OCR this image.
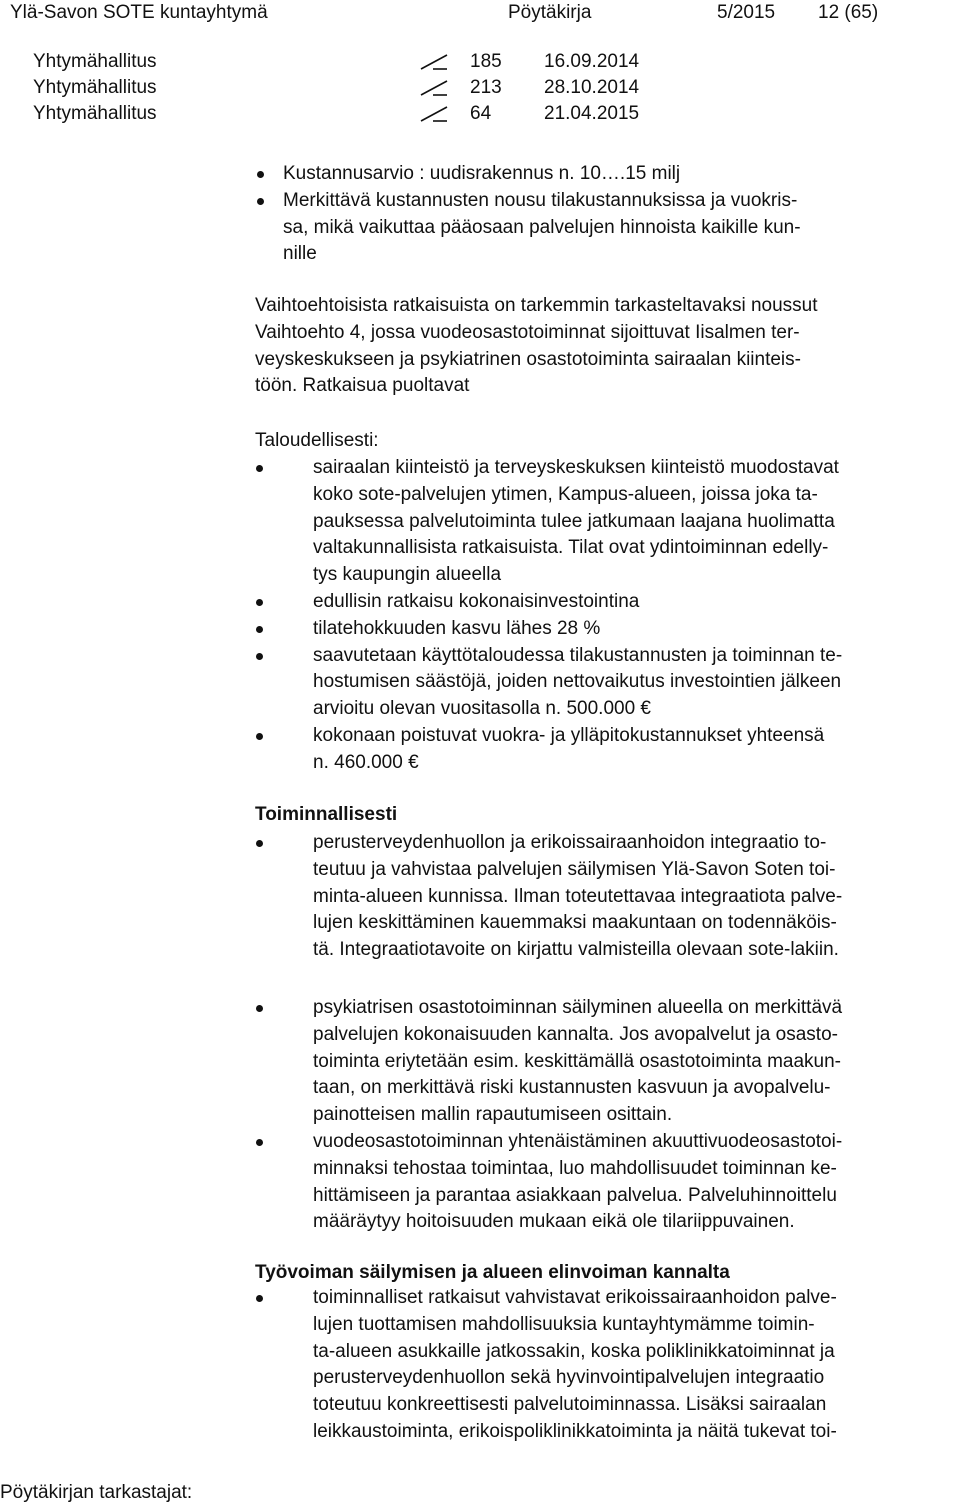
Ylä-Savon SOTE kuntayhtymä	Pöytäkirja	5/2015 12 (65)
Yhtymähallitus	185 16.09.2014
Yhtymähallitus	213 28.10.2014
Yhtymähallitus	64	21.04.2015
Kustannusarvio : uudisrakennus n. 10….15 milj
Merkittävä kustannusten nousu tilakustannuksissa ja vuokris-
sa, mikä vaikuttaa pääosaan palvelujen hinnoista kaikille kun-
nille
Vaihtoehtoisista ratkaisuista on tarkemmin tarkasteltavaksi noussut
Vaihtoehto 4, jossa vuodeosastotoiminnat sijoittuvat Iisalmen ter-
veyskeskukseen ja psykiatrinen osastotoiminta sairaalan kiinteis-
töön. Ratkaisua puoltavat
Taloudellisesti:
sairaalan kiinteistö ja terveyskeskuksen kiinteistö muodostavat
koko sote-palvelujen ytimen, Kampus-alueen, joissa joka ta-
pauksessa palvelutoiminta tulee jatkumaan laajana huolimatta
valtakunnallisista ratkaisuista. Tilat ovat ydintoiminnan edelly-
tys kaupungin alueella
edullisin ratkaisu kokonaisinvestointina
tilatehokkuuden kasvu lähes 28 %
saavutetaan käyttötaloudessa tilakustannusten ja toiminnan te-
hostumisen säästöjä, joiden nettovaikutus investointien jälkeen
arvioitu olevan vuositasolla n. 500.000 €
kokonaan poistuvat vuokra- ja ylläpitokustannukset yhteensä
n. 460.000 €
Toiminnallisesti
perusterveydenhuollon ja erikoissairaanhoidon integraatio to-
teutuu ja vahvistaa palvelujen säilymisen Ylä-Savon Soten toi-
minta-alueen kunnissa. Ilman toteutettavaa integraatiota palve-
lujen keskittäminen kauemmaksi maakuntaan on todennäköis-
tä. Integraatiotavoite on kirjattu valmisteilla olevaan sote-lakiin.
psykiatrisen osastotoiminnan säilyminen alueella on merkittävä
palvelujen kokonaisuuden kannalta. Jos avopalvelut ja osasto-
toiminta eriytetään esim. keskittämällä osastotoiminta maakun-
taan, on merkittävä riski kustannusten kasvuun ja avopalvelu-
painotteisen mallin rapautumiseen osittain.
vuodeosastotoiminnan yhtenäistäminen akuuttivuodeosastotoi-
minnaksi tehostaa toimintaa, luo mahdollisuudet toiminnan ke-
hittämiseen ja parantaa asiakkaan palvelua. Palveluhinnoittelu
määräytyy hoitoisuuden mukaan eikä ole tilariippuvainen.
Työvoiman säilymisen ja alueen elinvoiman kannalta
toiminnalliset ratkaisut vahvistavat erikoissairaanhoidon palve-
lujen tuottamisen mahdollisuuksia kuntayhtymämme toimin-
ta-alueen asukkaille jatkossakin, koska poliklinikkatoiminnat ja
perusterveydenhuollon sekä hyvinvointipalvelujen integraatio
toteutuu konkreettisesti palvelutoiminnassa. Lisäksi sairaalan
leikkaustoiminta, erikoispoliklinikkatoiminta ja näitä tukevat toi-
Pöytäkirjan tarkastajat:
